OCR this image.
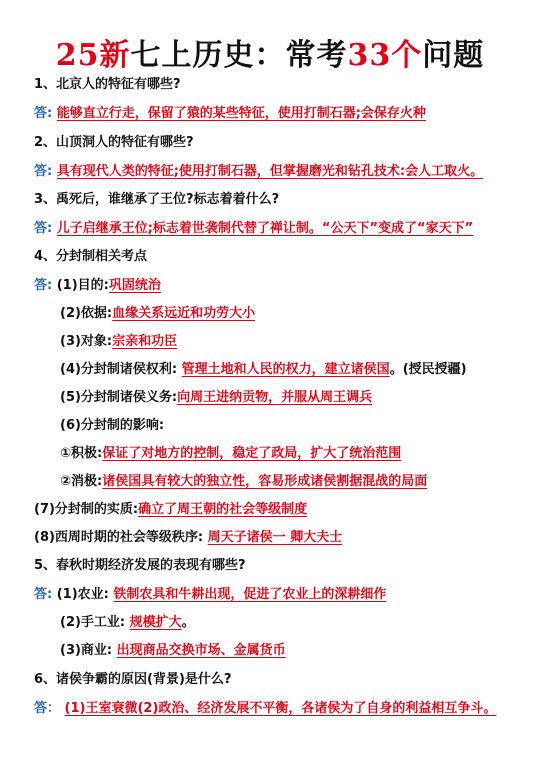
25新七上历史：常考33个问题
1、北京人的特征有哪些?
答: 能够直立行走，保留了猿的某些特征，使用打制石器;会保存火种
2、山顶洞人的特征有哪些?
答: 具有现代人类的特征;使用打制石器，但掌握磨光和钻孔技术:会人工取火。
3、禹死后，谁继承了王位?标志着着什么?
答: 儿子启继承王位;标志着世袭制代替了禅让制。“公天下”变成了“家天下”
4、分封制相关考点
答: (1)目的:巩固统治
(2)依据:血缘关系远近和功劳大小
(3)对象:宗亲和功臣
(4)分封制诸侯权利: 管理土地和人民的权力，建立诸侯国。(授民授疆)
(5)分封制诸侯义务:向周王进纳贡物，并服从周王调兵
(6)分封制的影响:
①积极:保证了对地方的控制，稳定了政局，扩大了统治范围
②消极:诸侯国具有较大的独立性，容易形成诸侯割据混战的局面
(7)分封制的实质:确立了周王朝的社会等级制度
(8)西周时期的社会等级秩序: 周天子诸侯一 卿大夫士
5、春秋时期经济发展的表现有哪些?
答: (1)农业: 铁制农具和牛耕出现，促进了农业上的深耕细作
(2)手工业: 规模扩大。
(3)商业: 出现商品交换市场、金属货币
6、诸侯争霸的原因(背景)是什么?
答： (1)王室衰微(2)政治、经济发展不平衡，各诸侯为了自身的利益相互争斗。
